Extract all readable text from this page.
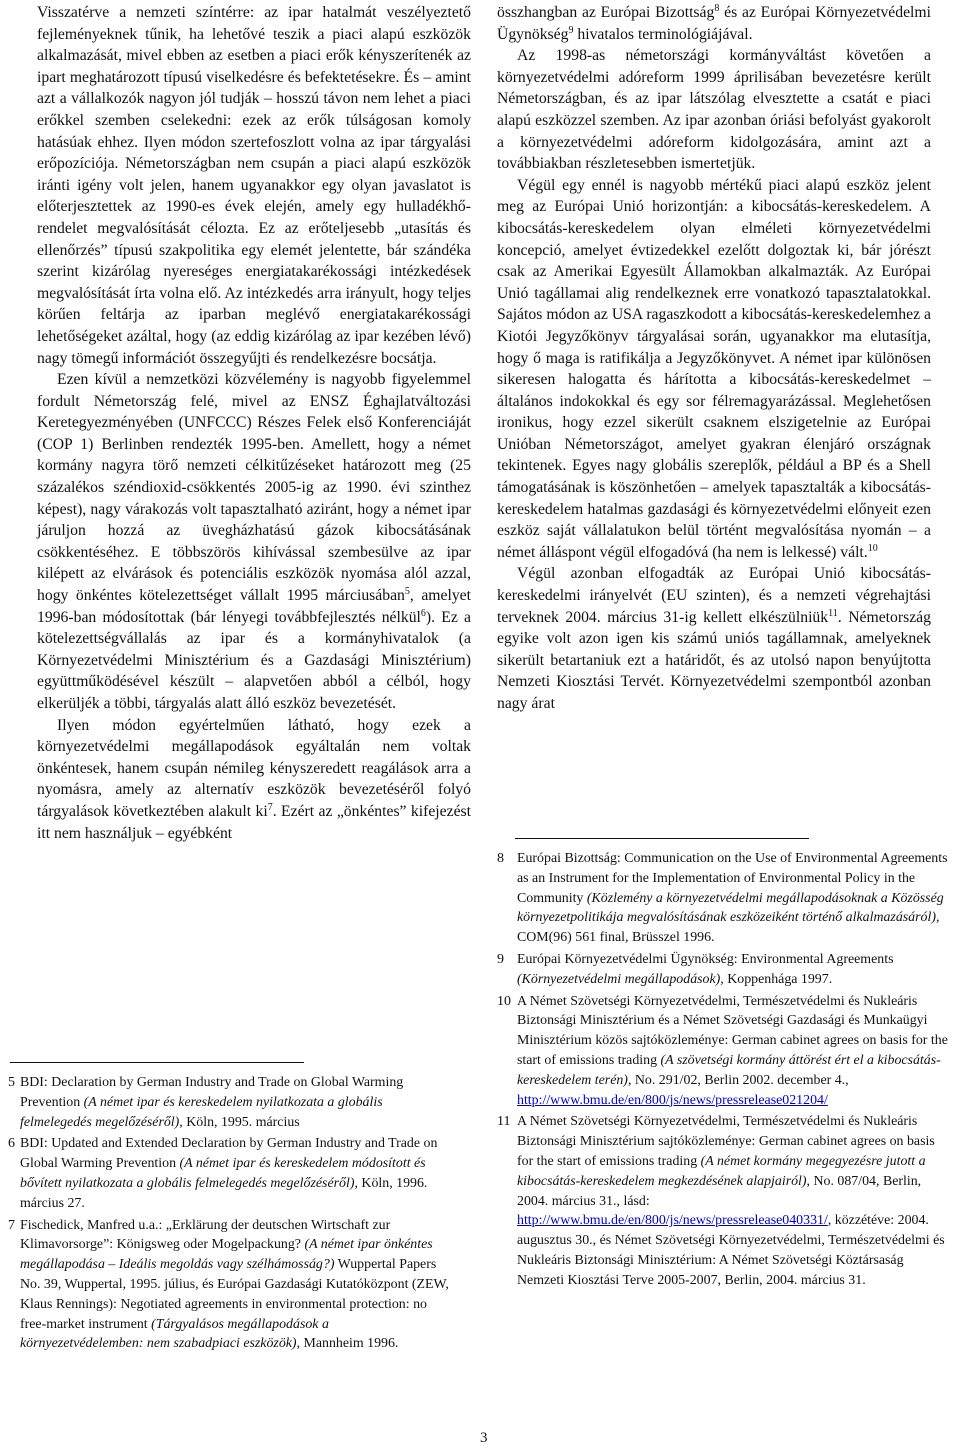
Visszatérve a nemzeti színtérre: az ipar hatalmát veszélyeztető fejleményeknek tűnik, ha lehetővé teszik a piaci alapú eszközök alkalmazását, mivel ebben az esetben a piaci erők kényszerítenék az ipart meghatározott típusú viselkedésre és befektetésekre. És – amint azt a vállalkozók nagyon jól tudják – hosszú távon nem lehet a piaci erőkkel szemben cselekedni: ezek az erők túlságosan komoly hatásúak ehhez. Ilyen módon szertefoszlott volna az ipar tárgyalási erőpozíciója. Németországban nem csupán a piaci alapú eszközök iránti igény volt jelen, hanem ugyanakkor egy olyan javaslatot is előterjesztettek az 1990-es évek elején, amely egy hulladékhő-rendelet megvalósítását célozta. Ez az erőteljesebb „utasítás és ellenőrzés” típusú szakpolitika egy elemét jelentette, bár szándéka szerint kizárólag nyereséges energiatakarékossági intézkedések megvalósítását írta volna elő. Az intézkedés arra irányult, hogy teljes körűen feltárja az iparban meglévő energiatakarékossági lehetőségeket azáltal, hogy (az eddig kizárólag az ipar kezében lévő) nagy tömegű információt összegyűjti és rendelkezésre bocsátja.

Ezen kívül a nemzetközi közvélemény is nagyobb figyelemmel fordult Németország felé, mivel az ENSZ Éghajlatváltozási Keretegyezményében (UNFCCC) Részes Felek első Konferenciáját (COP 1) Berlinben rendezték 1995-ben. Amellett, hogy a német kormány nagyra törő nemzeti célkitűzéseket határozott meg (25 százalékos széndioxid-csökkentés 2005-ig az 1990. évi szinthez képest), nagy várakozás volt tapasztalható aziránt, hogy a német ipar járuljon hozzá az üvegházhatású gázok kibocsátásának csökkentéséhez. E többszörös kihívással szembesülve az ipar kilépett az elvárások és potenciális eszközök nyomása alól azzal, hogy önkéntes kötelezettséget vállalt 1995 márciusában$^5$, amelyet 1996-ban módosítottak (bár lényegi továbbfejlesztés nélkül$^6$). Ez a kötelezettségvállalás az ipar és a kormányhivatalok (a Környezetvédelmi Minisztérium és a Gazdasági Minisztérium) együttműködésével készült – alapvetően abból a célból, hogy elkerüljék a többi, tárgyalás alatt álló eszköz bevezetését.

Ilyen módon egyértelműen látható, hogy ezek a környezetvédelmi megállapodások egyáltalán nem voltak önkéntesek, hanem csupán némileg kényszeredett reagálások arra a nyomásra, amely az alternatív eszközök bevezetéséről folyó tárgyalások következtében alakult $ki^7$. Ezért az „önkéntes” kifejezést itt nem használjuk – egyébként

összhangban az Európai Bizottság$^8$ és az Európai Környezetvédelmi Ügynökség$^9$ hivatalos terminológiájával.

Az 1998-as németországi kormányváltást követően a környezetvédelmi adóreform 1999 áprilisában bevezetésre került Németországban, és az ipar látszólag elvesztette a csatát e piaci alapú eszközzel szemben. Az ipar azonban óriási befolyást gyakorolt a környezetvédelmi adóreform kidolgozására, amint azt a továbbiakban részletesebben ismertetjük.

Végül egy ennél is nagyobb mértékű piaci alapú eszköz jelent meg az Európai Unió horizontján: a kibocsátás-kereskedelem. A kibocsátás-kereskedelem olyan elméleti környezetvédelmi koncepció, amelyet évtizedekkel ezelőtt dolgoztak ki, bár jórészt csak az Amerikai Egyesült Államokban alkalmazták. Az Európai Unió tagállamai alig rendelkeznek erre vonatkozó tapasztalatokkal. Sajátos módon az USA ragaszkodott a kibocsátás-kereskedelemhez a Kiotói Jegyzőkönyv tárgyalásai során, ugyanakkor ma elutasítja, hogy ő maga is ratifikálja a Jegyzőkönyvet. A német ipar különösen sikeresen halogatta és hárította a kibocsátás-kereskedelmet – általános indokokkal és egy sor félremagyarázással. Meglehetősen ironikus, hogy ezzel sikerült csaknem elszigetelnie az Európai Unióban Németországot, amelyet gyakran élenjáró országnak tekintenek. Egyes nagy globális szereplők, például a BP és a Shell támogatásának is köszönhetően – amelyek tapasztalták a kibocsátás-kereskedelem hatalmas gazdasági és környezetvédelmi előnyeit ezen eszköz saját vállalatukon belül történt megvalósítása nyomán – a német álláspont végül elfogadóvá (ha nem is lelkessé) vált.$^{10}$

Végül azonban elfogadták az Európai Unió kibocsátás-kereskedelmi irányelvét (EU szinten), és a nemzeti végrehajtási terveknek 2004. március 31-ig kellett elkészülniük$^{11}$. Németország egyike volt azon igen kis számú uniós tagállamnak, amelyeknek sikerült betartaniuk ezt a határidőt, és az utolsó napon benyújtotta Nemzeti Kiosztási Tervét. Környezetvédelmi szempontból azonban nagy árat

5 BDI: Declaration by German Industry and Trade on Global Warming Prevention (A német ipar és kereskedelem nyilatkozata a globális felmelegedés megelőzéséről), Köln, 1995. március
6 BDI: Updated and Extended Declaration by German Industry and Trade on Global Warming Prevention (A német ipar és kereskedelem módosított és bővített nyilatkozata a globális felmelegedés megelőzéséről), Köln, 1996. március 27.
7 Fischedick, Manfred u.a.: „Erklärung der deutschen Wirtschaft zur Klimavorsorge”: Königsweg oder Mogelpackung? (A német ipar önkéntes megállapodása – Ideális megoldás vagy szélhámosság?) Wuppertal Papers No. 39, Wuppertal, 1995. július, és Európai Gazdasági Kutatóközpont (ZEW, Klaus Rennings): Negotiated agreements in environmental protection: no free-market instrument (Tárgyalásos megállapodások a környezetvédelemben: nem szabadpiaci eszközök), Mannheim 1996.
8 Európai Bizottság: Communication on the Use of Environmental Agreements as an Instrument for the Implementation of Environmental Policy in the Community (Közlemény a környezetvédelmi megállapodásoknak a Közösség környezetpolitikája megvalósításának eszközeiként történő alkalmazásáról), COM(96) 561 final, Brüsszel 1996.
9 Európai Környezetvédelmi Ügynökség: Environmental Agreements (Környezetvédelmi megállapodások), Koppenhága 1997.
10 A Német Szövetségi Környezetvédelmi, Természetvédelmi és Nukleáris Biztonsági Minisztérium és a Német Szövetségi Gazdasági és Munkaügyi Minisztérium közös sajtóközleménye: German cabinet agrees on basis for the start of emissions trading (A szövetségi kormány áttörést ért el a kibocsátás-kereskedelem terén), No. 291/02, Berlin 2002. december 4., http://www.bmu.de/en/800/js/news/pressrelease021204/
11 A Német Szövetségi Környezetvédelmi, Természetvédelmi és Nukleáris Biztonsági Minisztérium sajtóközleménye: German cabinet agrees on basis for the start of emissions trading (A német kormány megegyezésre jutott a kibocsátás-kereskedelem megkezdésének alapjairól), No. 087/04, Berlin, 2004. március 31., lásd: http://www.bmu.de/en/800/js/news/pressrelease040331/, közzétéve: 2004. augusztus 30., és Német Szövetségi Környezetvédelmi, Természetvédelmi és Nukleáris Biztonsági Minisztérium: A Német Szövetségi Köztársaság Nemzeti Kiosztási Terve 2005-2007, Berlin, 2004. március 31.
3
